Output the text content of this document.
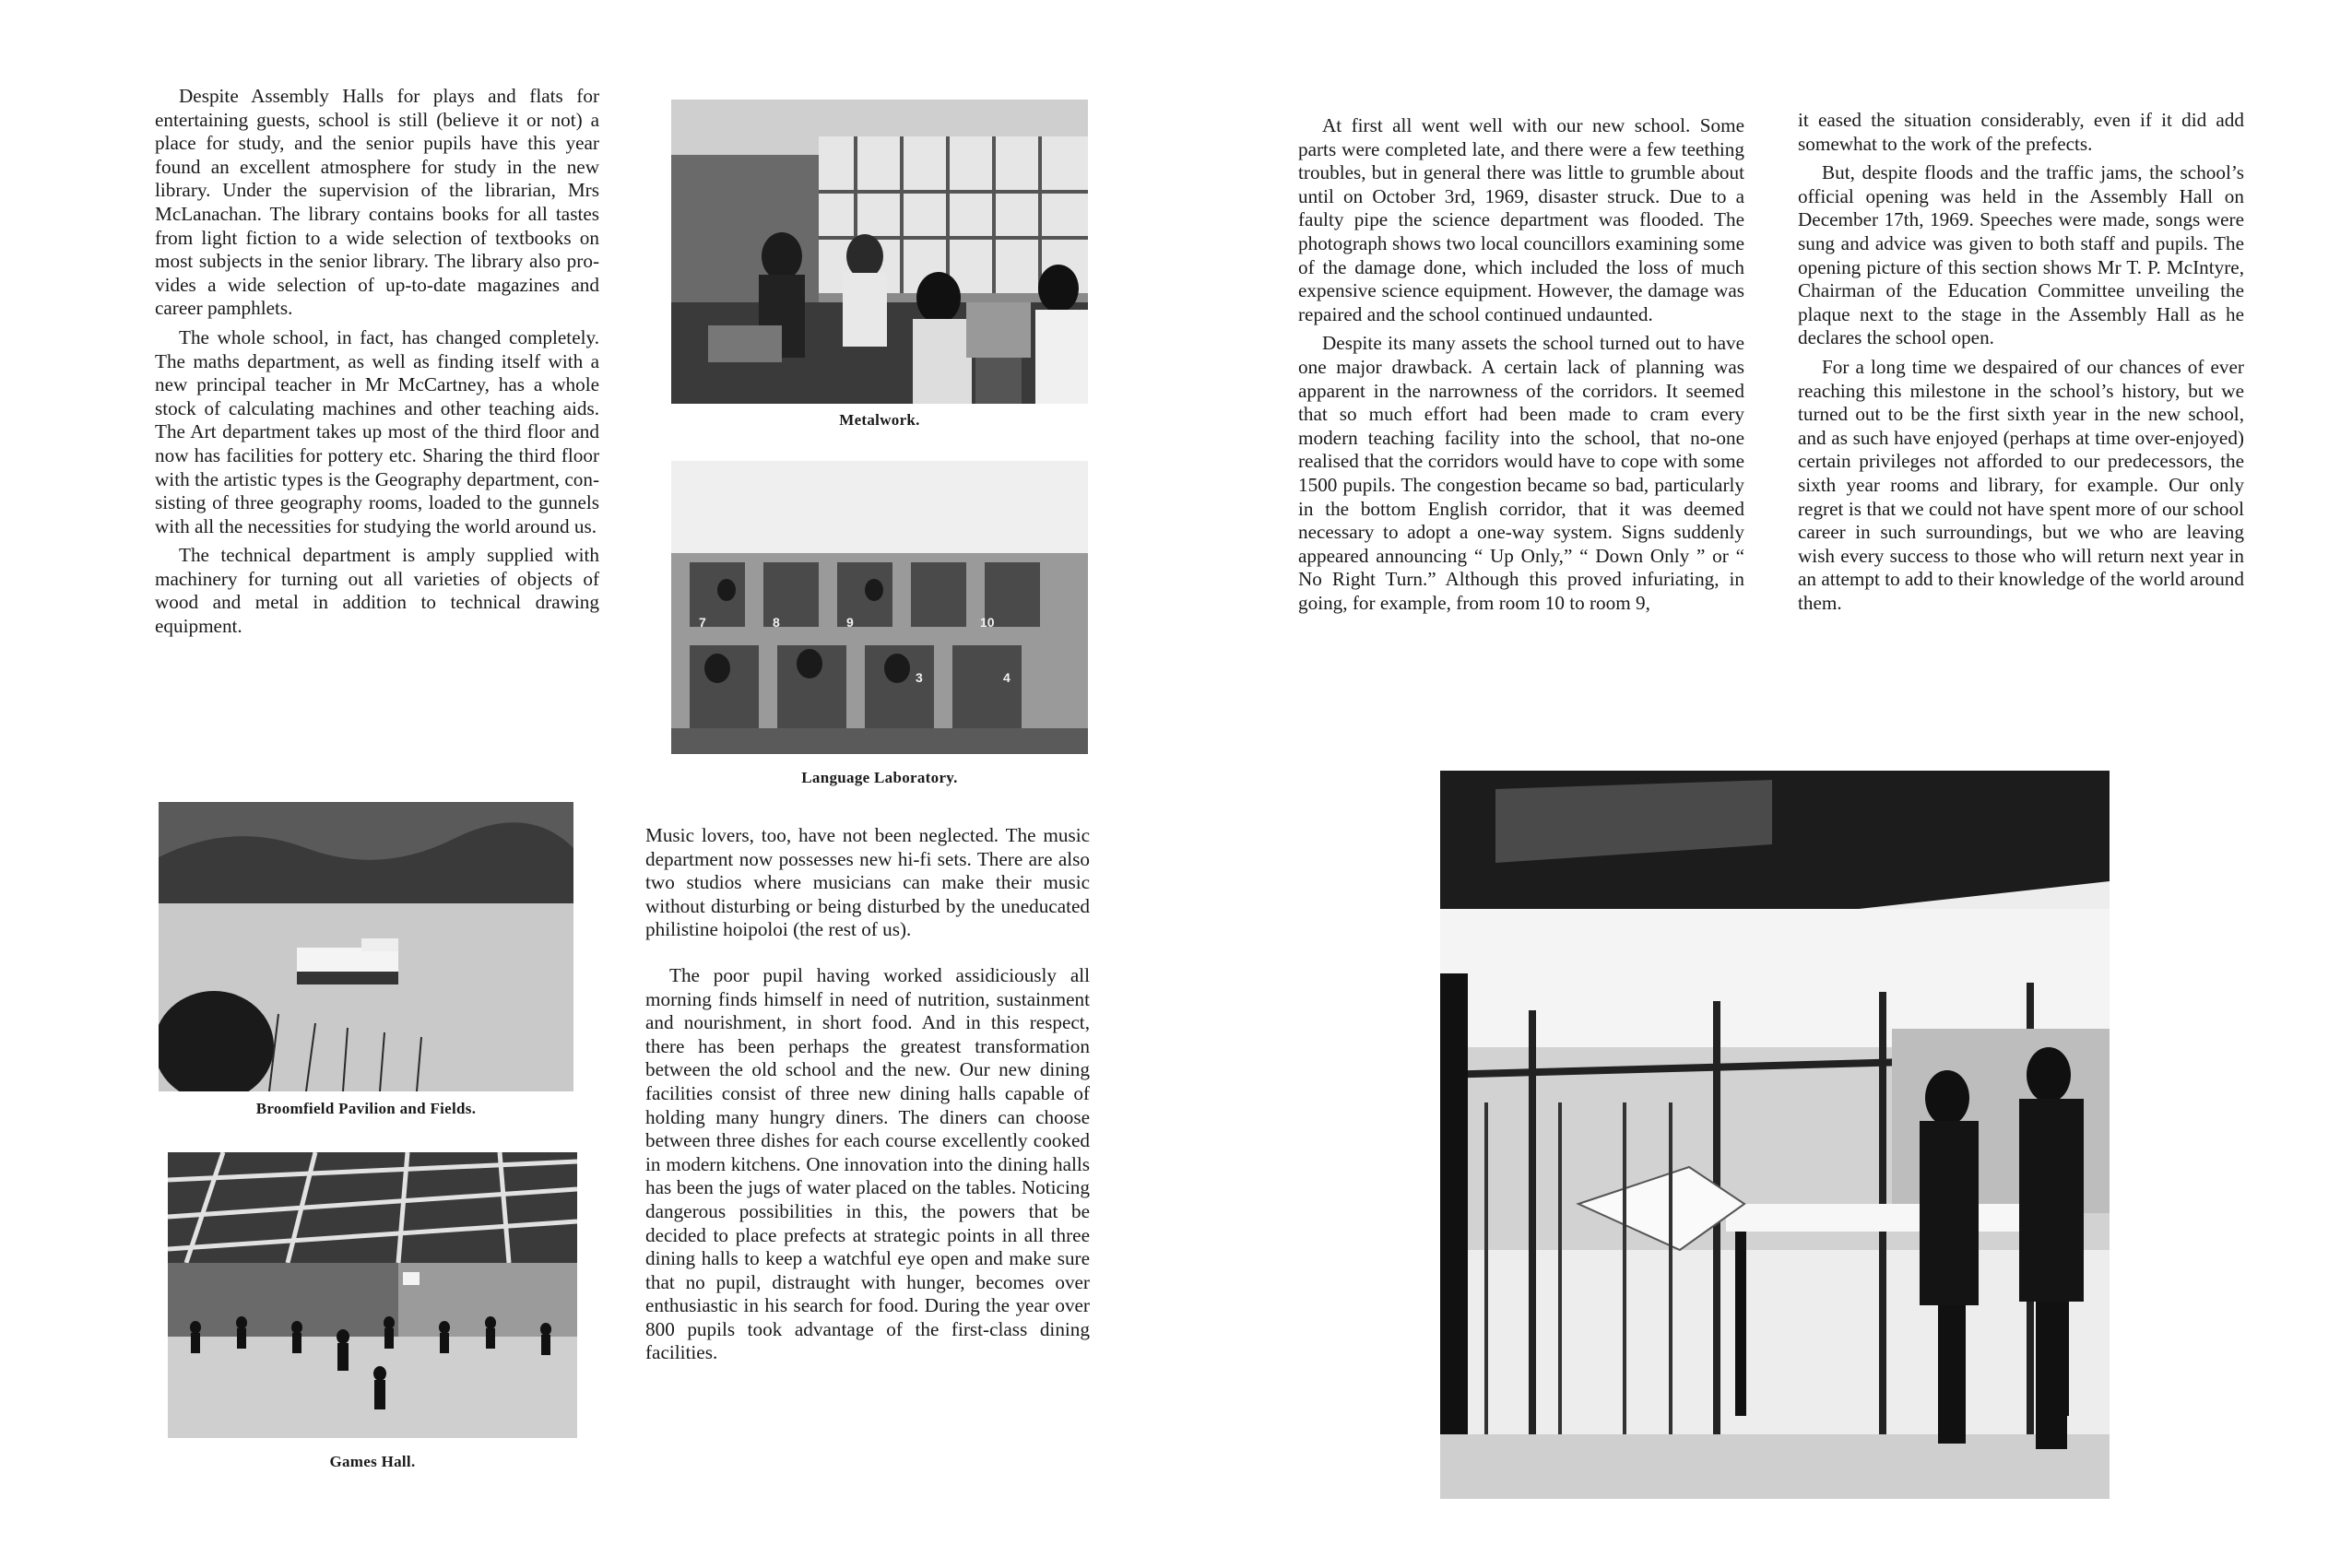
Despite Assembly Halls for plays and flats for entertaining guests, school is still (believe it or not) a place for study, and the senior pupils have this year found an excellent atmosphere for study in the new library. Under the supervision of the librarian, Mrs McLanachan. The library contains books for all tastes from light fiction to a wide selection of textbooks on most subjects in the senior library. The library also provides a wide selection of up-to-date magazines and career pamphlets.

The whole school, in fact, has changed completely. The maths department, as well as finding itself with a new principal teacher in Mr McCartney, has a whole stock of calculating machines and other teaching aids. The Art department takes up most of the third floor and now has facilities for pottery etc. Sharing the third floor with the artistic types is the Geography department, consisting of three geography rooms, loaded to the gunnels with all the necessities for studying the world around us.

The technical department is amply supplied with machinery for turning out all varieties of objects of wood and metal in addition to technical drawing equipment.

Metalwork.
7	8	9	10
3	4
Language Laboratory.
Broomfield Pavilion and Fields.
Games Hall.

Music lovers, too, have not been neglected. The music department now possesses new hi-fi sets. There are also two studios where musicians can make their music without disturbing or being disturbed by the uneducated philistine hoipoloi (the rest of us).

The poor pupil having worked assidiciously all morning finds himself in need of nutrition, sustainment and nourishment, in short food. And in this respect, there has been perhaps the greatest transformation between the old school and the new. Our new dining facilities consist of three new dining halls capable of holding many hungry diners. The diners can choose between three dishes for each course excellently cooked in modern kitchens. One innovation into the dining halls has been the jugs of water placed on the tables. Noticing dangerous possibilities in this, the powers that be decided to place prefects at strategic points in all three dining halls to keep a watchful eye open and make sure that no pupil, distraught with hunger, becomes over enthusiastic in his search for food. During the year over 800 pupils took advantage of the first-class dining facilities.

At first all went well with our new school. Some parts were completed late, and there were a few teething troubles, but in general there was little to grumble about until on October 3rd, 1969, disaster struck. Due to a faulty pipe the science department was flooded. The photograph shows two local councillors examining some of the damage done, which included the loss of much expensive science equipment. However, the damage was repaired and the school continued undaunted.

Despite its many assets the school turned out to have one major drawback. A certain lack of planning was apparent in the narrowness of the corridors. It seemed that so much effort had been made to cram every modern teaching facility into the school, that no-one realised that the corridors would have to cope with some 1500 pupils. The congestion became so bad, particularly in the bottom English corridor, that it was deemed necessary to adopt a one-way system. Signs suddenly appeared announcing “ Up Only,” “ Down Only ” or “ No Right Turn.” Although this proved infuriating, in going, for example, from room 10 to room 9,

it eased the situation considerably, even if it did add somewhat to the work of the prefects.

But, despite floods and the traffic jams, the school’s official opening was held in the Assembly Hall on December 17th, 1969. Speeches were made, songs were sung and advice was given to both staff and pupils. The opening picture of this section shows Mr T. P. McIntyre, Chairman of the Education Committee unveiling the plaque next to the stage in the Assembly Hall as he declares the school open.

For a long time we despaired of our chances of ever reaching this milestone in the school’s history, but we turned out to be the first sixth year in the new school, and as such have enjoyed (perhaps at time over-enjoyed) certain privileges not afforded to our predecessors, the sixth year rooms and library, for example. Our only regret is that we could not have spent more of our school career in such surroundings, but we who are leaving wish every success to those who will return next year in an attempt to add to their knowledge of the world around them.
